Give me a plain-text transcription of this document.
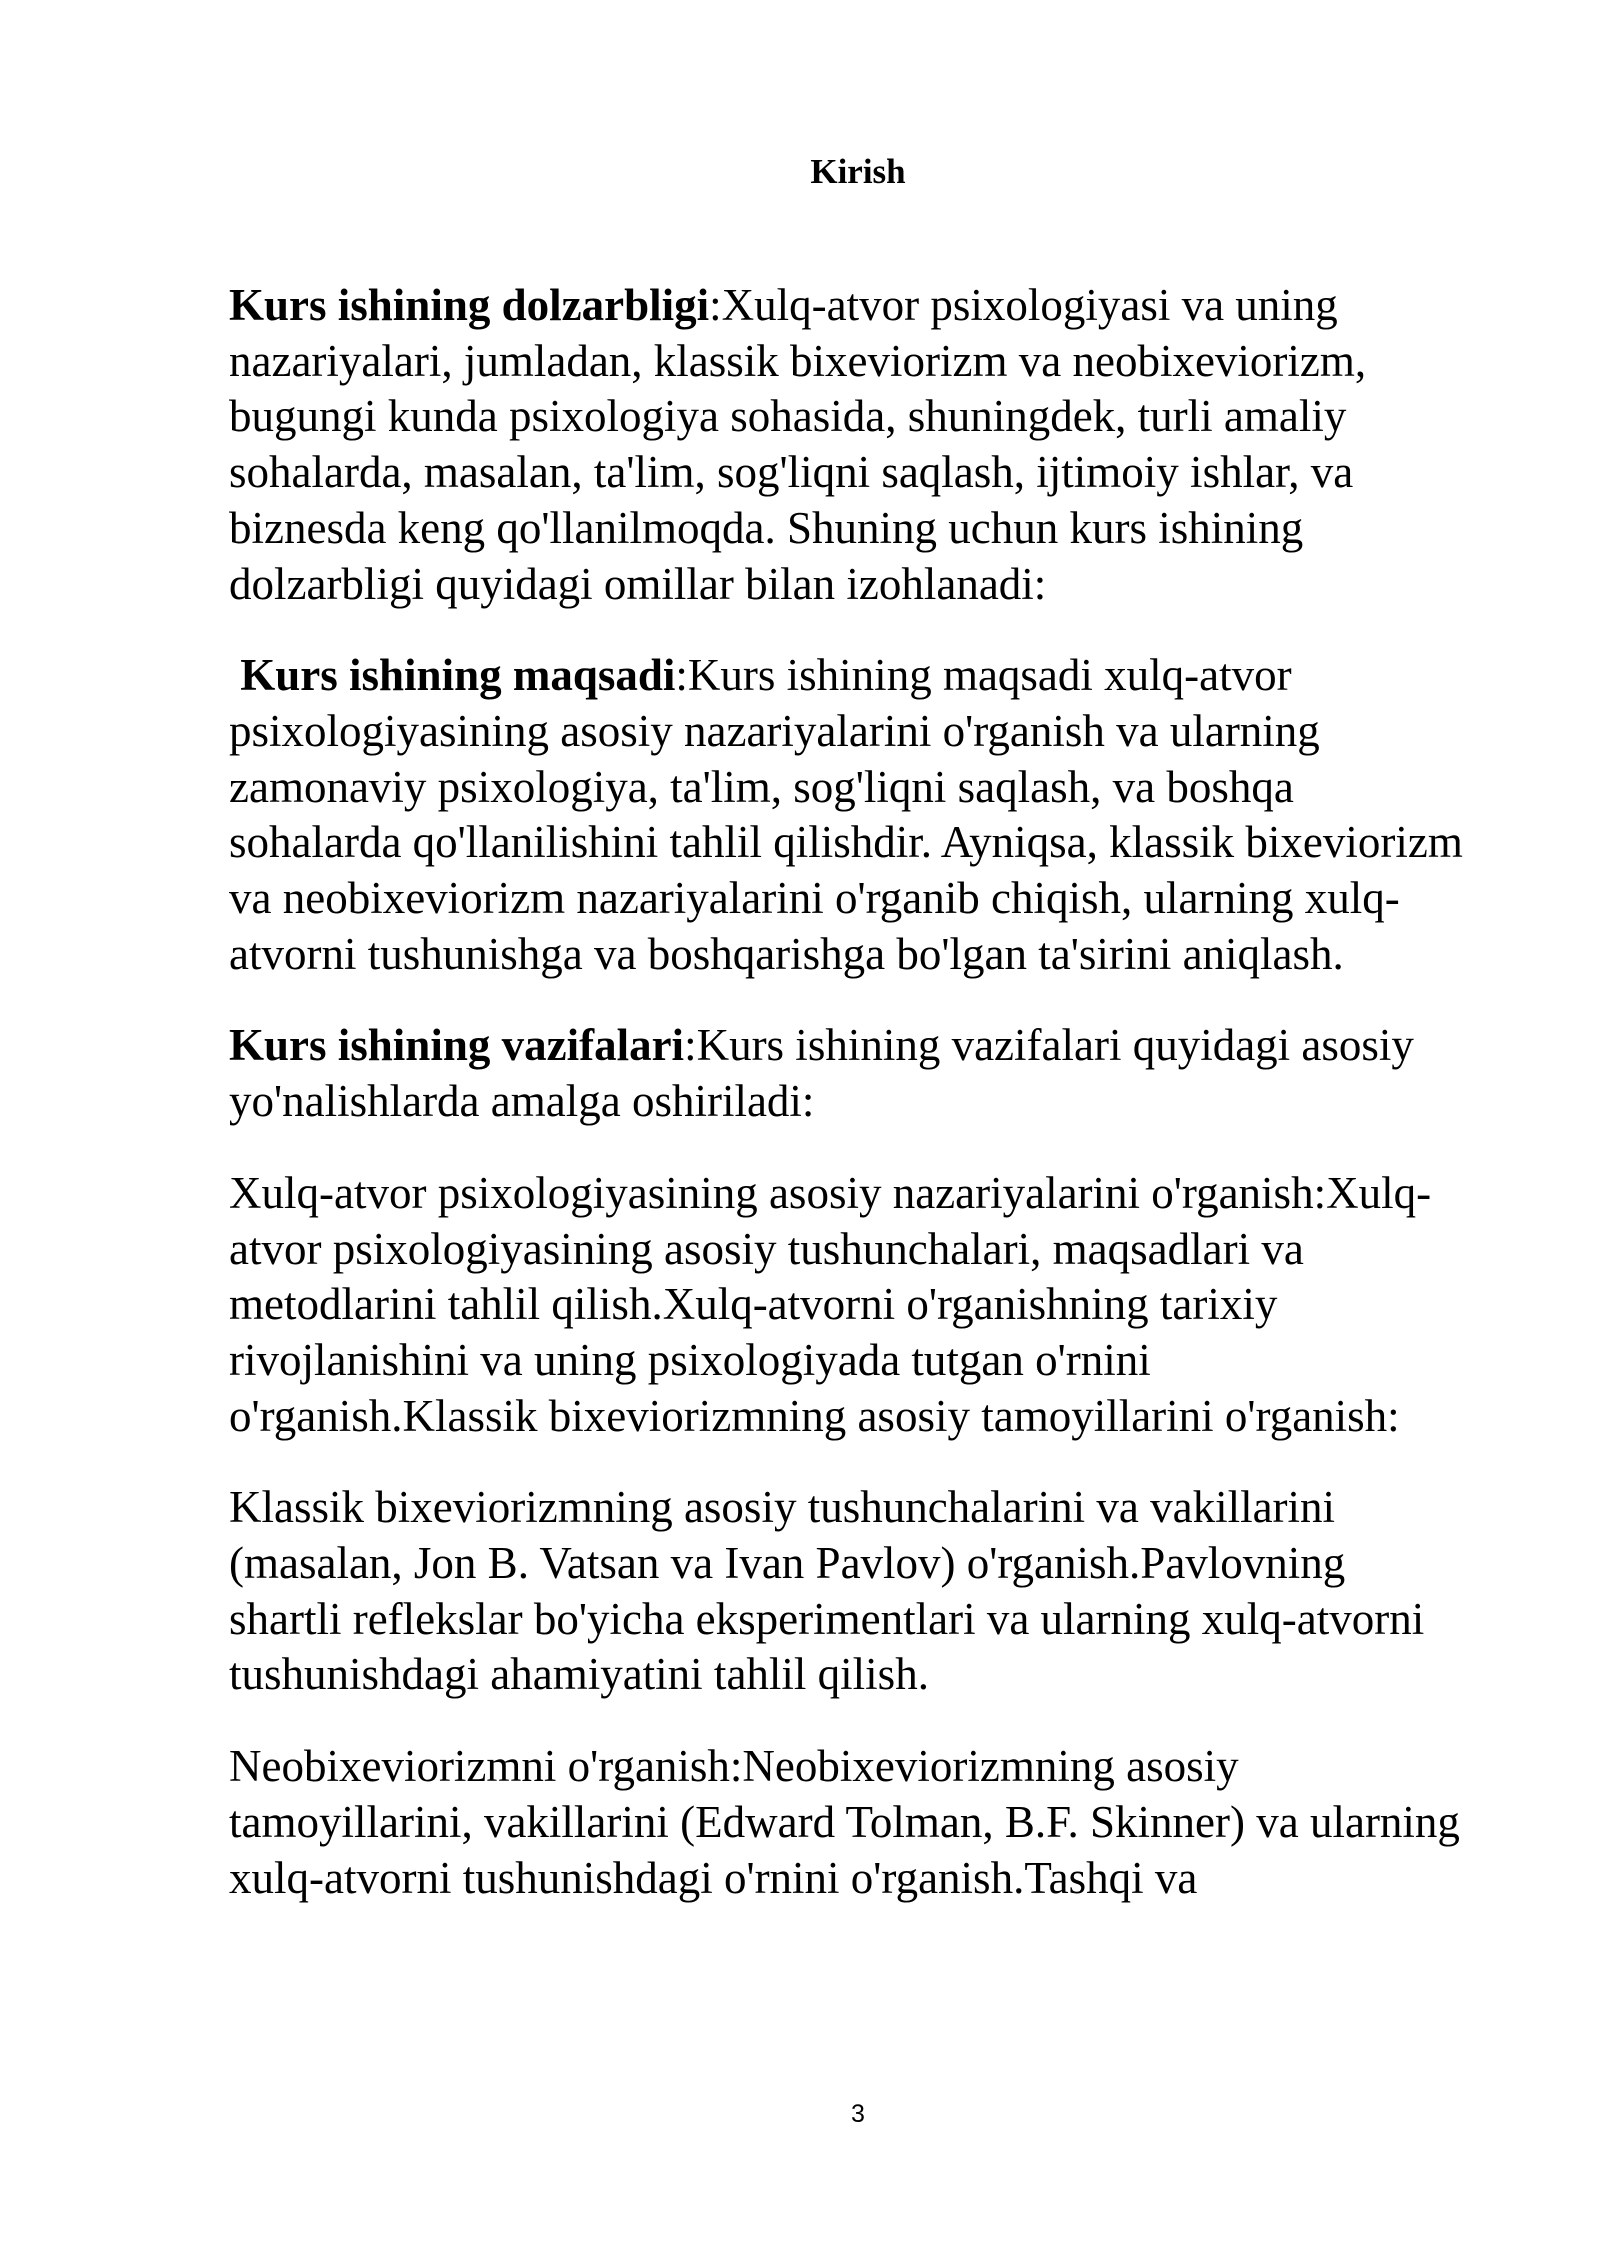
Kirish

Kurs ishining dolzarbligi:Xulq-atvor psixologiyasi va uning nazariyalari, jumladan, klassik bixeviorizm va neobixeviorizm, bugungi kunda psixologiya sohasida, shuningdek, turli amaliy sohalarda, masalan, ta'lim, sog'liqni saqlash, ijtimoiy ishlar, va biznesda keng qo'llanilmoqda. Shuning uchun kurs ishining dolzarbligi quyidagi omillar bilan izohlanadi:

Kurs ishining maqsadi:Kurs ishining maqsadi xulq-atvor psixologiyasining asosiy nazariyalarini o'rganish va ularning zamonaviy psixologiya, ta'lim, sog'liqni saqlash, va boshqa sohalarda qo'llanilishini tahlil qilishdir. Ayniqsa, klassik bixeviorizm va neobixeviorizm nazariyalarini o'rganib chiqish, ularning xulq-atvorni tushunishga va boshqarishga bo'lgan ta'sirini aniqlash.

Kurs ishining vazifalari:Kurs ishining vazifalari quyidagi asosiy yo'nalishlarda amalga oshiriladi:

Xulq-atvor psixologiyasining asosiy nazariyalarini o'rganish:Xulq-atvor psixologiyasining asosiy tushunchalari, maqsadlari va metodlarini tahlil qilish.Xulq-atvorni o'rganishning tarixiy rivojlanishini va uning psixologiyada tutgan o'rnini o'rganish.Klassik bixeviorizmning asosiy tamoyillarini o'rganish:

Klassik bixeviorizmning asosiy tushunchalarini va vakillarini (masalan, Jon B. Vatsan va Ivan Pavlov) o'rganish.Pavlovning shartli reflekslar bo'yicha eksperimentlari va ularning xulq-atvorni tushunishdagi ahamiyatini tahlil qilish.

Neobixeviorizmni o'rganish:Neobixeviorizmning asosiy tamoyillarini, vakillarini (Edward Tolman, B.F. Skinner) va ularning xulq-atvorni tushunishdagi o'rnini o'rganish.Tashqi va

3
